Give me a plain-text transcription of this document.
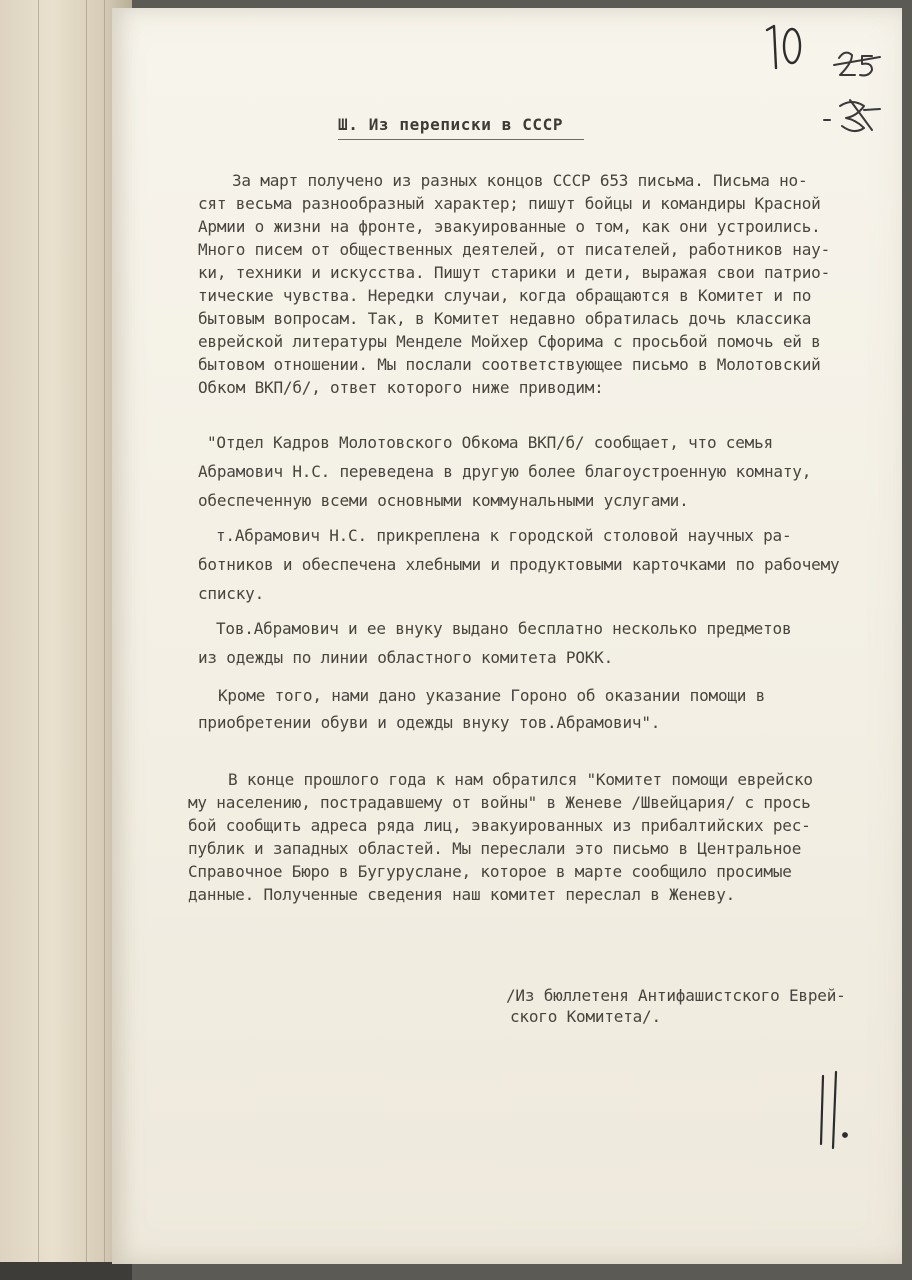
Ш. Из переписки в СССР

За март получено из разных концов СССР 653 письма. Письма но-

сят весьма разнообразный характер; пишут бойцы и командиры Красной

Армии о жизни на фронте, эвакуированные о том, как они устроились.

Много писем от общественных деятелей, от писателей, работников нау-

ки, техники и искусства. Пишут старики и дети, выражая свои патрио-

тические чувства. Нередки случаи, когда обращаются в Комитет и по

бытовым вопросам. Так, в Комитет недавно обратилась дочь классика

еврейской литературы Менделе Мойхер Сфорима с просьбой помочь ей в

бытовом отношении. Мы послали соответствующее письмо в Молотовский

Обком ВКП/б/, ответ которого ниже приводим:

"Отдел Кадров Молотовского Обкома ВКП/б/ сообщает, что семья

Абрамович Н.С. переведена в другую более благоустроенную комнату,

обеспеченную всеми основными коммунальными услугами.

т.Абрамович Н.С. прикреплена к городской столовой научных ра-

ботников и обеспечена хлебными и продуктовыми карточками по рабочему

списку.

Тов.Абрамович и ее внуку выдано бесплатно несколько предметов

из одежды по линии областного комитета РОКК.

Кроме того, нами дано указание Гороно об оказании помощи в

приобретении обуви и одежды внуку тов.Абрамович".

В конце прошлого года к нам обратился "Комитет помощи еврейско

му населению, пострадавшему от войны" в Женеве /Швейцария/ с прось

бой сообщить адреса ряда лиц, эвакуированных из прибалтийских рес-

публик и западных областей. Мы переслали это письмо в Центральное

Справочное Бюро в Бугуруслане, которое в марте сообщило просимые

данные. Полученные сведения наш комитет переслал в Женеву.

/Из бюллетеня Антифашистского Еврей-

ского Комитета/.
